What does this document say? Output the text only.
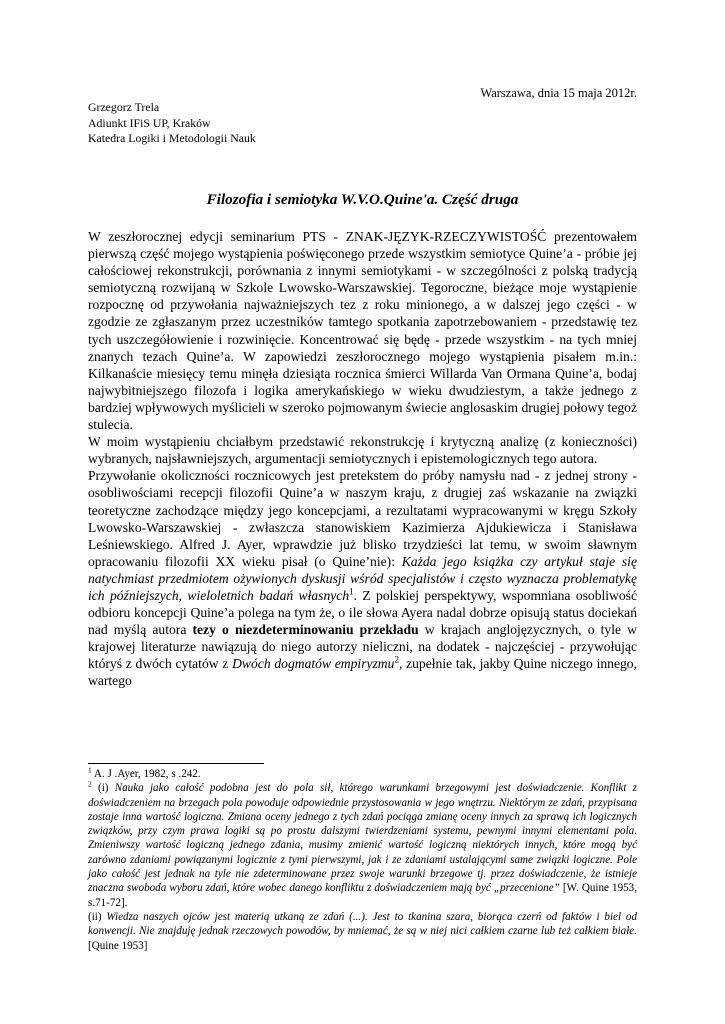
Warszawa, dnia 15 maja 2012r.
Grzegorz Trela
Adiunkt IFiS UP, Kraków
Katedra Logiki i Metodologii Nauk
Filozofia i semiotyka W.V.O.Quine'a. Część druga

W zeszłorocznej edycji seminarium PTS - ZNAK-JĘZYK-RZECZYWISTOŚĆ prezentowałem pierwszą część mojego wystąpienia poświęconego przede wszystkim semiotyce Quine’a - próbie jej całościowej rekonstrukcji, porównania z innymi semiotykami - w szczególności z polską tradycją semiotyczną rozwijaną w Szkole Lwowsko-Warszawskiej. Tegoroczne, bieżące moje wystąpienie rozpocznę od przywołania najważniejszych tez z roku minionego, a w dalszej jego części - w zgodzie ze zgłaszanym przez uczestników tamtego spotkania zapotrzebowaniem - przedstawię tez tych uszczegółowienie i rozwinięcie. Koncentrować się będę - przede wszystkim - na tych mniej znanych tezach Quine’a. W zapowiedzi zeszłorocznego mojego wystąpienia pisałem m.in.: Kilkanaście miesięcy temu minęła dziesiąta rocznica śmierci Willarda Van Ormana Quine’a, bodaj najwybitniejszego filozofa i logika amerykańskiego w wieku dwudziestym, a także jednego z bardziej wpływowych myślicieli w szeroko pojmowanym świecie anglosaskim drugiej połowy tegoż stulecia.

W moim wystąpieniu chciałbym przedstawić rekonstrukcję i krytyczną analizę (z konieczności) wybranych, najsławniejszych, argumentacji semiotycznych i epistemologicznych tego autora.

Przywołanie okoliczności rocznicowych jest pretekstem do próby namysłu nad - z jednej strony - osobliwościami recepcji filozofii Quine’a w naszym kraju, z drugiej zaś wskazanie na związki teoretyczne zachodzące między jego koncepcjami, a rezultatami wypracowanymi w kręgu Szkoły Lwowsko-Warszawskiej - zwłaszcza stanowiskiem Kazimierza Ajdukiewicza i Stanisława Leśniewskiego. Alfred J. Ayer, wprawdzie już blisko trzydzieści lat temu, w swoim sławnym opracowaniu filozofii XX wieku pisał (o Quine’nie): Każda jego książka czy artykuł staje się natychmiast przedmiotem ożywionych dyskusji wśród specjalistów i często wyznacza problematykę ich późniejszych, wieloletnich badań własnych$^1$. Z polskiej perspektywy, wspomniana osobliwość odbioru koncepcji Quine’a polega na tym że, o ile słowa Ayera nadal dobrze opisują status dociekań nad myślą autora tezy o niezdeterminowaniu przekładu w krajach anglojęzycznych, o tyle w krajowej literaturze nawiązują do niego autorzy nieliczni, na dodatek - najczęściej - przywołując któryś z dwóch cytatów z Dwóch dogmatów empiryzmu$^2$, zupełnie tak, jakby Quine niczego innego, wartego

$^1$ A. J .Ayer, 1982, s .242.

$^2$ (i) Nauka jako całość podobna jest do pola sił, którego warunkami brzegowymi jest doświadczenie. Konflikt z doświadczeniem na brzegach pola powoduje odpowiednie przystosowania w jego wnętrzu. Niektórym ze zdań, przypisana zostaje inna wartość logiczna. Zmiana oceny jednego z tych zdań pociąga zmianę oceny innych za sprawą ich logicznych związków, przy czym prawa logiki są po prostu dalszymi twierdzeniami systemu, pewnymi innymi elementami pola. Zmieniwszy wartość logiczną jednego zdania, musimy zmienić wartość logiczną niektórych innych, które mogą być zarówno zdaniami powiązanymi logicznie z tymi pierwszymi, jak i ze zdaniami ustalającymi same związki logiczne. Pole jako całość jest jednak na tyle nie zdeterminowane przez swoje warunki brzegowe tj. przez doświadczenie, że istnieje znaczna swoboda wyboru zdań, które wobec danego konfliktu z doświadczeniem mają być „przecenione” [W. Quine 1953, s.71-72].

(ii) Wiedza naszych ojców jest materią utkaną ze zdań (...). Jest to tkanina szara, biorąca czerń od faktów i biel od konwencji. Nie znajduję jednak rzeczowych powodów, by mniemać, że są w niej nici całkiem czarne lub też całkiem białe. [Quine 1953]
